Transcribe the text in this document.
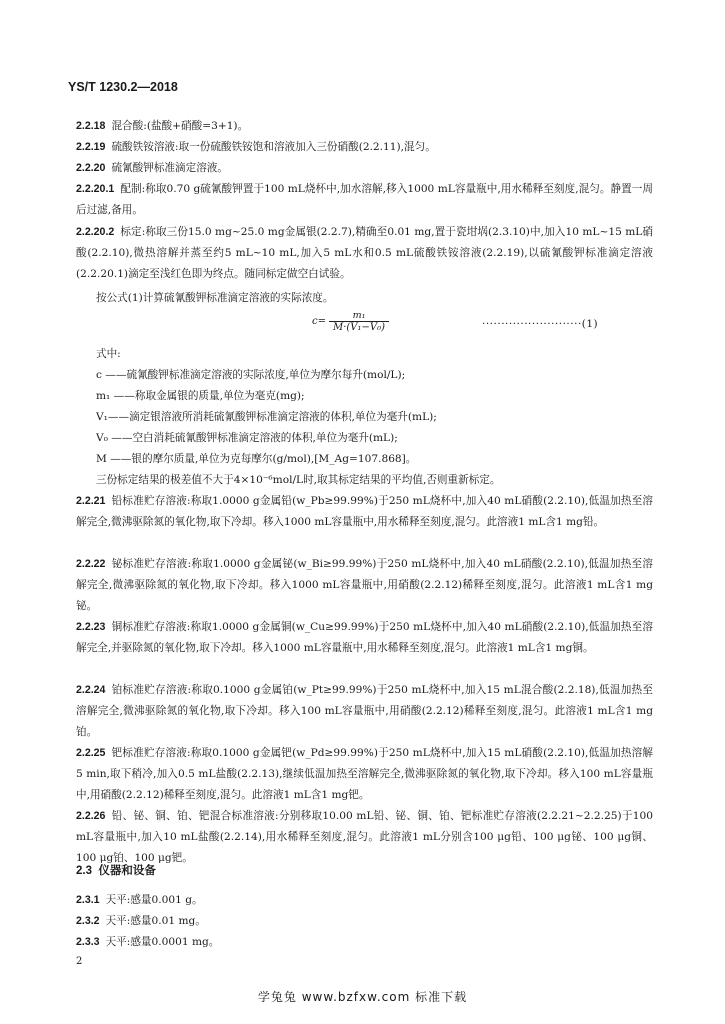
YS/T 1230.2—2018
2.2.18 混合酸:(盐酸+硝酸=3+1)。
2.2.19 硫酸铁铵溶液:取一份硫酸铁铵饱和溶液加入三份硝酸(2.2.11),混匀。
2.2.20 硫氰酸钾标准滴定溶液。
2.2.20.1 配制:称取0.70 g硫氰酸钾置于100 mL烧杯中,加水溶解,移入1000 mL容量瓶中,用水稀释至刻度,混匀。静置一周后过滤,备用。
2.2.20.2 标定:称取三份15.0 mg~25.0 mg金属银(2.2.7),精确至0.01 mg,置于瓷坩埚(2.3.10)中,加入10 mL~15 mL硝酸(2.2.10),微热溶解并蒸至约5 mL~10 mL,加入5 mL水和0.5 mL硫酸铁铵溶液(2.2.19),以硫氰酸钾标准滴定溶液(2.2.20.1)滴定至浅红色即为终点。随同标定做空白试验。
按公式(1)计算硫氰酸钾标准滴定溶液的实际浓度。
$c= \frac{\text{m₁}}{\text{M·(V₁−V₀)}}$	··························(1)
式中:
c ——硫氰酸钾标准滴定溶液的实际浓度,单位为摩尔每升(mol/L);
m₁ ——称取金属银的质量,单位为毫克(mg);
V₁——滴定银溶液所消耗硫氰酸钾标准滴定溶液的体积,单位为毫升(mL);
V₀ ——空白消耗硫氰酸钾标准滴定溶液的体积,单位为毫升(mL);
M ——银的摩尔质量,单位为克每摩尔(g/mol),[M_Ag=107.868]。
三份标定结果的极差值不大于4×10⁻⁶mol/L时,取其标定结果的平均值,否则重新标定。
2.2.21 铅标准贮存溶液:称取1.0000 g金属铅(w_Pb≥99.99%)于250 mL烧杯中,加入40 mL硝酸(2.2.10),低温加热至溶解完全,微沸驱除氮的氧化物,取下冷却。移入1000 mL容量瓶中,用水稀释至刻度,混匀。此溶液1 mL含1 mg铅。
2.2.22 铋标准贮存溶液:称取1.0000 g金属铋(w_Bi≥99.99%)于250 mL烧杯中,加入40 mL硝酸(2.2.10),低温加热至溶解完全,微沸驱除氮的氧化物,取下冷却。移入1000 mL容量瓶中,用硝酸(2.2.12)稀释至刻度,混匀。此溶液1 mL含1 mg铋。
2.2.23 铜标准贮存溶液:称取1.0000 g金属铜(w_Cu≥99.99%)于250 mL烧杯中,加入40 mL硝酸(2.2.10),低温加热至溶解完全,并驱除氮的氧化物,取下冷却。移入1000 mL容量瓶中,用水稀释至刻度,混匀。此溶液1 mL含1 mg铜。
2.2.24 铂标准贮存溶液:称取0.1000 g金属铂(w_Pt≥99.99%)于250 mL烧杯中,加入15 mL混合酸(2.2.18),低温加热至溶解完全,微沸驱除氮的氧化物,取下冷却。移入100 mL容量瓶中,用硝酸(2.2.12)稀释至刻度,混匀。此溶液1 mL含1 mg铂。
2.2.25 钯标准贮存溶液:称取0.1000 g金属钯(w_Pd≥99.99%)于250 mL烧杯中,加入15 mL硝酸(2.2.10),低温加热溶解5 min,取下稍冷,加入0.5 mL盐酸(2.2.13),继续低温加热至溶解完全,微沸驱除氮的氧化物,取下冷却。移入100 mL容量瓶中,用硝酸(2.2.12)稀释至刻度,混匀。此溶液1 mL含1 mg钯。
2.2.26 铅、铋、铜、铂、钯混合标准溶液:分别移取10.00 mL铅、铋、铜、铂、钯标准贮存溶液(2.2.21~2.2.25)于100 mL容量瓶中,加入10 mL盐酸(2.2.14),用水稀释至刻度,混匀。此溶液1 mL分别含100 μg铅、100 μg铋、100 μg铜、100 μg铂、100 μg钯。
2.3 仪器和设备
2.3.1 天平:感量0.001 g。
2.3.2 天平:感量0.01 mg。
2.3.3 天平:感量0.0001 mg。
2
学兔兔 www.bzfxw.com 标准下载
